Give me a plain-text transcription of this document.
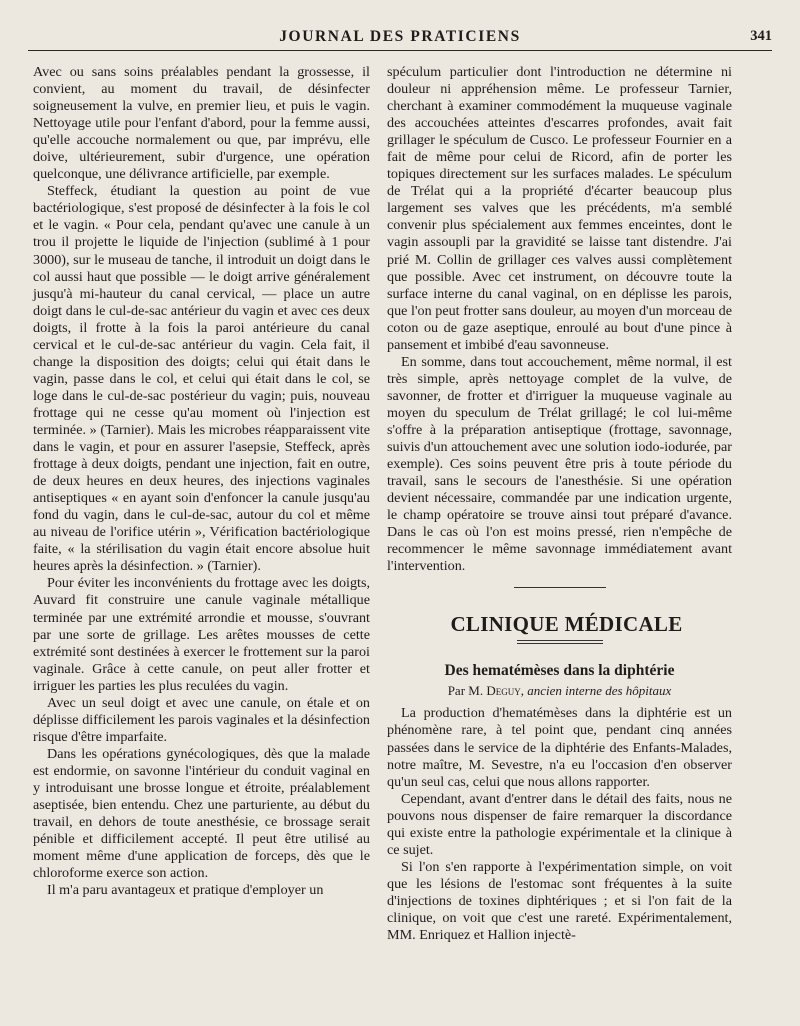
JOURNAL DES PRATICIENS	341

Avec ou sans soins préalables pendant la grossesse, il convient, au moment du travail, de désinfecter soigneusement la vulve, en premier lieu, et puis le vagin. Nettoyage utile pour l'enfant d'abord, pour la femme aussi, qu'elle accouche normalement ou que, par imprévu, elle doive, ultérieurement, subir d'urgence, une opération quelconque, une délivrance artificielle, par exemple.

Steffeck, étudiant la question au point de vue bactériologique, s'est proposé de désinfecter à la fois le col et le vagin. « Pour cela, pendant qu'avec une canule à un trou il projette le liquide de l'injection (sublimé à 1 pour 3000), sur le museau de tanche, il introduit un doigt dans le col aussi haut que possible — le doigt arrive généralement jusqu'à mi-hauteur du canal cervical, — place un autre doigt dans le cul-de-sac antérieur du vagin et avec ces deux doigts, il frotte à la fois la paroi antérieure du canal cervical et le cul-de-sac antérieur du vagin. Cela fait, il change la disposition des doigts; celui qui était dans le vagin, passe dans le col, et celui qui était dans le col, se loge dans le cul-de-sac postérieur du vagin; puis, nouveau frottage qui ne cesse qu'au moment où l'injection est terminée. » (Tarnier). Mais les microbes réapparaissent vite dans le vagin, et pour en assurer l'asepsie, Steffeck, après frottage à deux doigts, pendant une injection, fait en outre, de deux heures en deux heures, des injections vaginales antiseptiques « en ayant soin d'enfoncer la canule jusqu'au fond du vagin, dans le cul-de-sac, autour du col et même au niveau de l'orifice utérin », Vérification bactériologique faite, « la stérilisation du vagin était encore absolue huit heures après la désinfection. » (Tarnier).

Pour éviter les inconvénients du frottage avec les doigts, Auvard fit construire une canule vaginale métallique terminée par une extrémité arrondie et mousse, s'ouvrant par une sorte de grillage. Les arêtes mousses de cette extrémité sont destinées à exercer le frottement sur la paroi vaginale. Grâce à cette canule, on peut aller frotter et irriguer les parties les plus reculées du vagin.

Avec un seul doigt et avec une canule, on étale et on déplisse difficilement les parois vaginales et la désinfection risque d'être imparfaite.

Dans les opérations gynécologiques, dès que la malade est endormie, on savonne l'intérieur du conduit vaginal en y introduisant une brosse longue et étroite, préalablement aseptisée, bien entendu. Chez une parturiente, au début du travail, en dehors de toute anesthésie, ce brossage serait pénible et difficilement accepté. Il peut être utilisé au moment même d'une application de forceps, dès que le chloroforme exerce son action.

Il m'a paru avantageux et pratique d'employer un

spéculum particulier dont l'introduction ne détermine ni douleur ni appréhension même. Le professeur Tarnier, cherchant à examiner commodément la muqueuse vaginale des accouchées atteintes d'escarres profondes, avait fait grillager le spéculum de Cusco. Le professeur Fournier en a fait de même pour celui de Ricord, afin de porter les topiques directement sur les surfaces malades. Le spéculum de Trélat qui a la propriété d'écarter beaucoup plus largement ses valves que les précédents, m'a semblé convenir plus spécialement aux femmes enceintes, dont le vagin assoupli par la gravidité se laisse tant distendre. J'ai prié M. Collin de grillager ces valves aussi complètement que possible. Avec cet instrument, on découvre toute la surface interne du canal vaginal, on en déplisse les parois, que l'on peut frotter sans douleur, au moyen d'un morceau de coton ou de gaze aseptique, enroulé au bout d'une pince à pansement et imbibé d'eau savonneuse.

En somme, dans tout accouchement, même normal, il est très simple, après nettoyage complet de la vulve, de savonner, de frotter et d'irriguer la muqueuse vaginale au moyen du speculum de Trélat grillagé; le col lui-même s'offre à la préparation antiseptique (frottage, savonnage, suivis d'un attouchement avec une solution iodo-iodurée, par exemple). Ces soins peuvent être pris à toute période du travail, sans le secours de l'anesthésie. Si une opération devient nécessaire, commandée par une indication urgente, le champ opératoire se trouve ainsi tout préparé d'avance. Dans le cas où l'on est moins pressé, rien n'empêche de recommencer le même savonnage immédiatement avant l'intervention.

CLINIQUE MÉDICALE

Des hematémèses dans la diphtérie
Par M. Deguy, ancien interne des hôpitaux

La production d'hematémèses dans la diphtérie est un phénomène rare, à tel point que, pendant cinq années passées dans le service de la diphtérie des Enfants-Malades, notre maître, M. Sevestre, n'a eu l'occasion d'en observer qu'un seul cas, celui que nous allons rapporter.

Cependant, avant d'entrer dans le détail des faits, nous ne pouvons nous dispenser de faire remarquer la discordance qui existe entre la pathologie expérimentale et la clinique à ce sujet.

Si l'on s'en rapporte à l'expérimentation simple, on voit que les lésions de l'estomac sont fréquentes à la suite d'injections de toxines diphtériques ; et si l'on fait de la clinique, on voit que c'est une rareté. Expérimentalement, MM. Enriquez et Hallion injectè-
